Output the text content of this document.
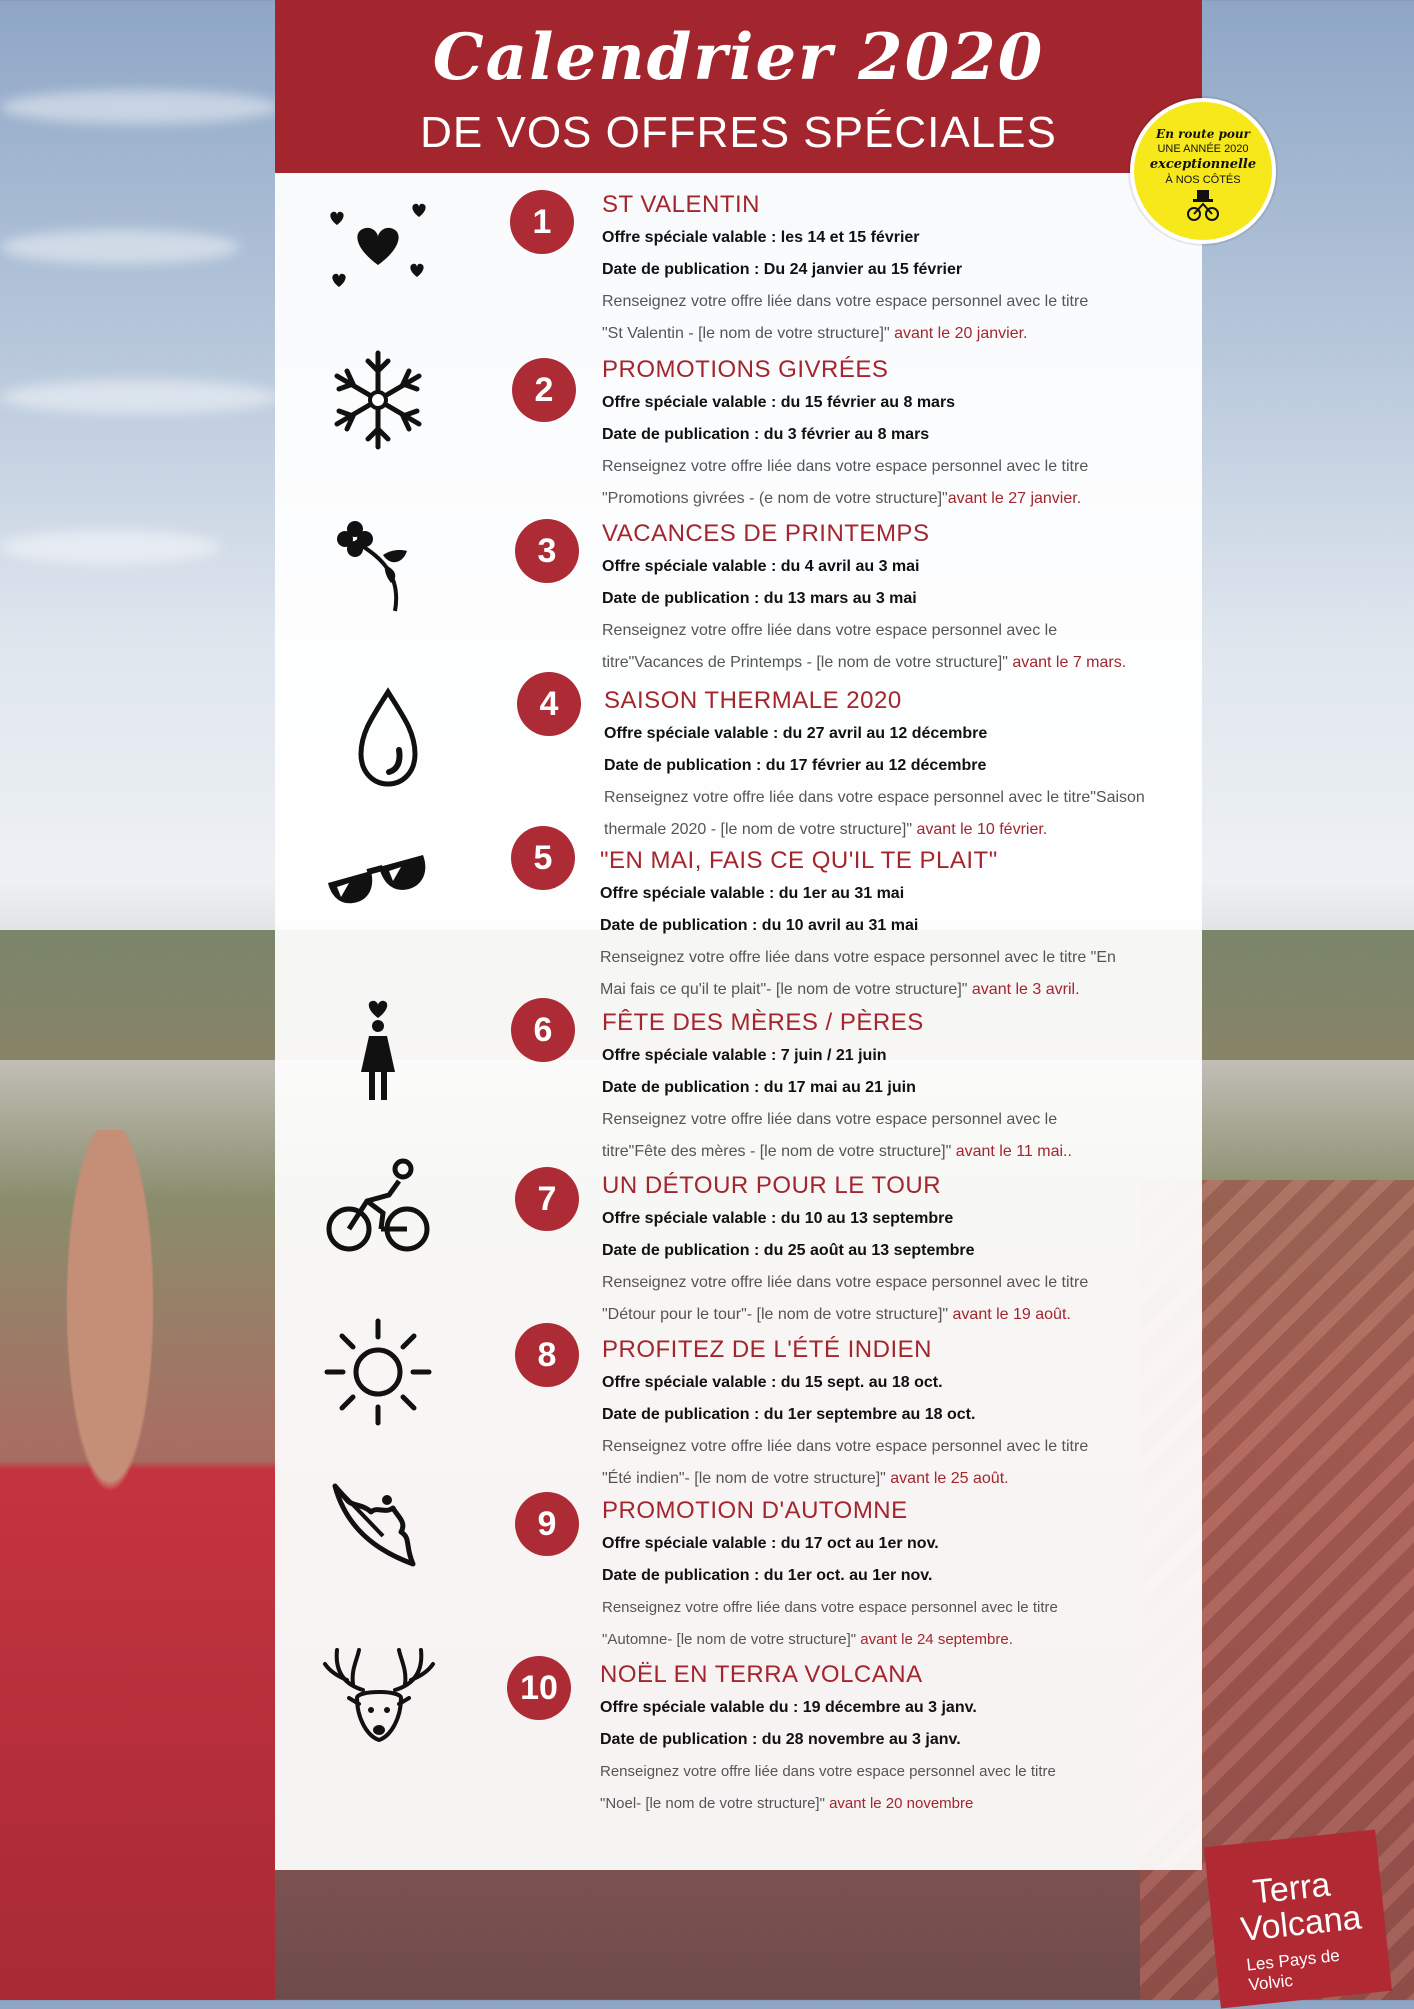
Calendrier 2020
DE VOS OFFRES SPÉCIALES	En route pour
UNE ANNÉE 2020
exceptionnelle
À NOS CÔTÉS
1	ST VALENTIN
Offre spéciale valable : les 14 et 15 février
Date de publication : Du 24 janvier au 15 février
Renseignez votre offre liée dans votre espace personnel avec le titre
"St Valentin - [le nom de votre structure]" avant le 20 janvier.
2
PROMOTIONS GIVRÉES
Offre spéciale valable : du 15 février au 8 mars
Date de publication : du 3 février au 8 mars
Renseignez votre offre liée dans votre espace personnel avec le titre
"Promotions givrées - (e nom de votre structure]"avant le 27 janvier.
3	VACANCES DE PRINTEMPS
Offre spéciale valable : du 4 avril au 3 mai
Date de publication : du 13 mars au 3 mai
Renseignez votre offre liée dans votre espace personnel avec le
titre"Vacances de Printemps - [le nom de votre structure]" avant le 7 mars.
4	SAISON THERMALE 2020
Offre spéciale valable : du 27 avril au 12 décembre
Date de publication : du 17 février au 12 décembre
Renseignez votre offre liée dans votre espace personnel avec le titre"Saison
thermale 2020 - [le nom de votre structure]" avant le 10 février.
5	"EN MAI, FAIS CE QU'IL TE PLAIT"
Offre spéciale valable : du 1er au 31 mai
Date de publication : du 10 avril au 31 mai
Renseignez votre offre liée dans votre espace personnel avec le titre "En
Mai fais ce qu'il te plait"- [le nom de votre structure]" avant le 3 avril.
6	FÊTE DES MÈRES / PÈRES
Offre spéciale valable : 7 juin / 21 juin
Date de publication : du 17 mai au 21 juin
Renseignez votre offre liée dans votre espace personnel avec le
titre"Fête des mères - [le nom de votre structure]" avant le 11 mai..
7	UN DÉTOUR POUR LE TOUR
Offre spéciale valable : du 10 au 13 septembre
Date de publication : du 25 août au 13 septembre
Renseignez votre offre liée dans votre espace personnel avec le titre
"Détour pour le tour"- [le nom de votre structure]" avant le 19 août.
8	PROFITEZ DE L'ÉTÉ INDIEN
Offre spéciale valable : du 15 sept. au 18 oct.
Date de publication : du 1er septembre au 18 oct.
Renseignez votre offre liée dans votre espace personnel avec le titre
"Été indien"- [le nom de votre structure]" avant le 25 août.
9	PROMOTION D'AUTOMNE
Offre spéciale valable : du 17 oct au 1er nov.
Date de publication : du 1er oct. au 1er nov.
Renseignez votre offre liée dans votre espace personnel avec le titre
"Automne- [le nom de votre structure]" avant le 24 septembre.
10	NOËL EN TERRA VOLCANA
Offre spéciale valable du : 19 décembre au 3 janv.
Date de publication : du 28 novembre au 3 janv.
Renseignez votre offre liée dans votre espace personnel avec le titre
"Noel- [le nom de votre structure]" avant le 20 novembre
Terra
Volcana
Les Pays de Volvic
